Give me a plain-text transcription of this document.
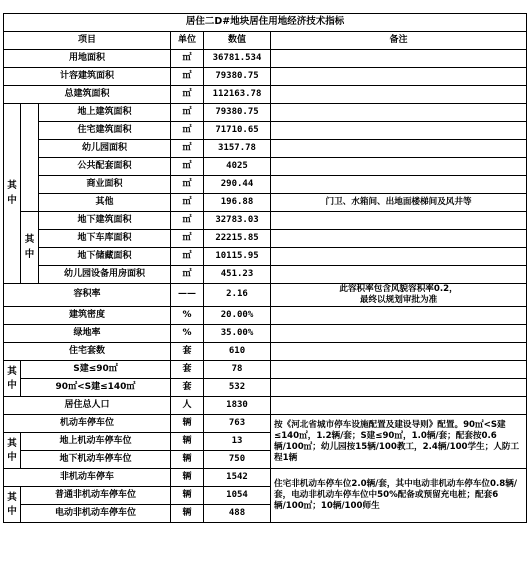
居住二D#地块居住用地经济技术指标					
项目			单位	数值	备注
用地面积			㎡	36781.534	
计容建筑面积			㎡	79380.75	
总建筑面积			㎡	112163.78	
其
中		地上建筑面积	㎡	79380.75	
		住宅建筑面积	㎡	71710.65	
		幼儿园面积	㎡	3157.78	
		公共配套面积	㎡	4025	
		商业面积	㎡	290.44	
		其他	㎡	196.88	门卫、水箱间、出地面楼梯间及风井等
	其
中	地下建筑面积	㎡	32783.03	
		地下车库面积	㎡	22215.85	
		地下储藏面积	㎡	10115.95	
		幼儿园设备用房面积	㎡	451.23	
容积率			——	2.16	此容积率包含风貌容积率0.2，
最终以规划审批为准
建筑密度			%	20.00%	
绿地率			%	35.00%	
住宅套数			套	610	
其
中	S建≤90㎡		套	78	
	90㎡<S建≤140㎡		套	532	
居住总人口			人	1830	
机动车停车位			辆	763	按《河北省城市停车设施配置及建设导则》配置。90㎡<S建≤140㎡，1.2辆/套；S建≤90㎡，1.0辆/套；配套按0.6辆/100㎡；幼儿园按15辆/100教工，2.4辆/100学生；人防工程1辆
其
中	地上机动车停车位		辆	13	
	地下机动车停车位		辆	750	
非机动车停车			辆	1542	住宅非机动车停车位2.0辆/套，其中电动非机动车停车位0.8辆/套，电动非机动车停车位中50%配备或预留充电桩；配套6辆/100㎡；10辆/100师生
其
中	普通非机动车停车位		辆	1054	
	电动非机动车停车位		辆	488	
